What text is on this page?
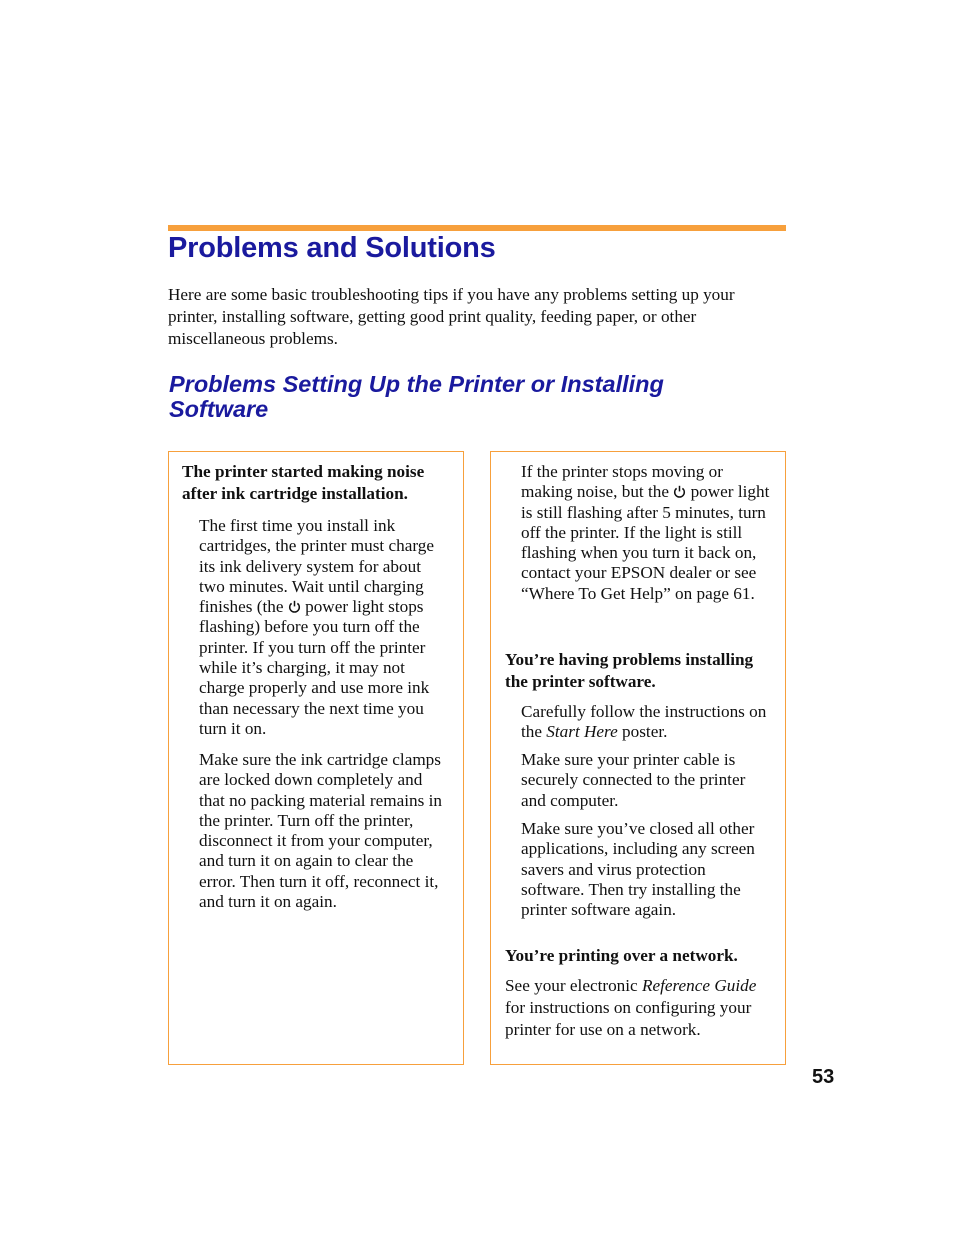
Problems and Solutions

Here are some basic troubleshooting tips if you have any problems setting up your printer, installing software, getting good print quality, feeding paper, or other miscellaneous problems.

Problems Setting Up the Printer or Installing Software

The printer started making noise after ink cartridge installation.

The first time you install ink cartridges, the printer must charge its ink delivery system for about two minutes. Wait until charging finishes (the power light stops flashing) before you turn off the printer. If you turn off the printer while it’s charging, it may not charge properly and use more ink than necessary the next time you turn it on.

Make sure the ink cartridge clamps are locked down completely and that no packing material remains in the printer. Turn off the printer, disconnect it from your computer, and turn it on again to clear the error. Then turn it off, reconnect it, and turn it on again.

If the printer stops moving or making noise, but the power light is still flashing after 5 minutes, turn off the printer. If the light is still flashing when you turn it back on, contact your EPSON dealer or see “Where To Get Help” on page 61.

You’re having problems installing the printer software.

Carefully follow the instructions on the Start Here poster.

Make sure your printer cable is securely connected to the printer and computer.

Make sure you’ve closed all other applications, including any screen savers and virus protection software. Then try installing the printer software again.

You’re printing over a network.

See your electronic Reference Guide for instructions on configuring your printer for use on a network.

53
